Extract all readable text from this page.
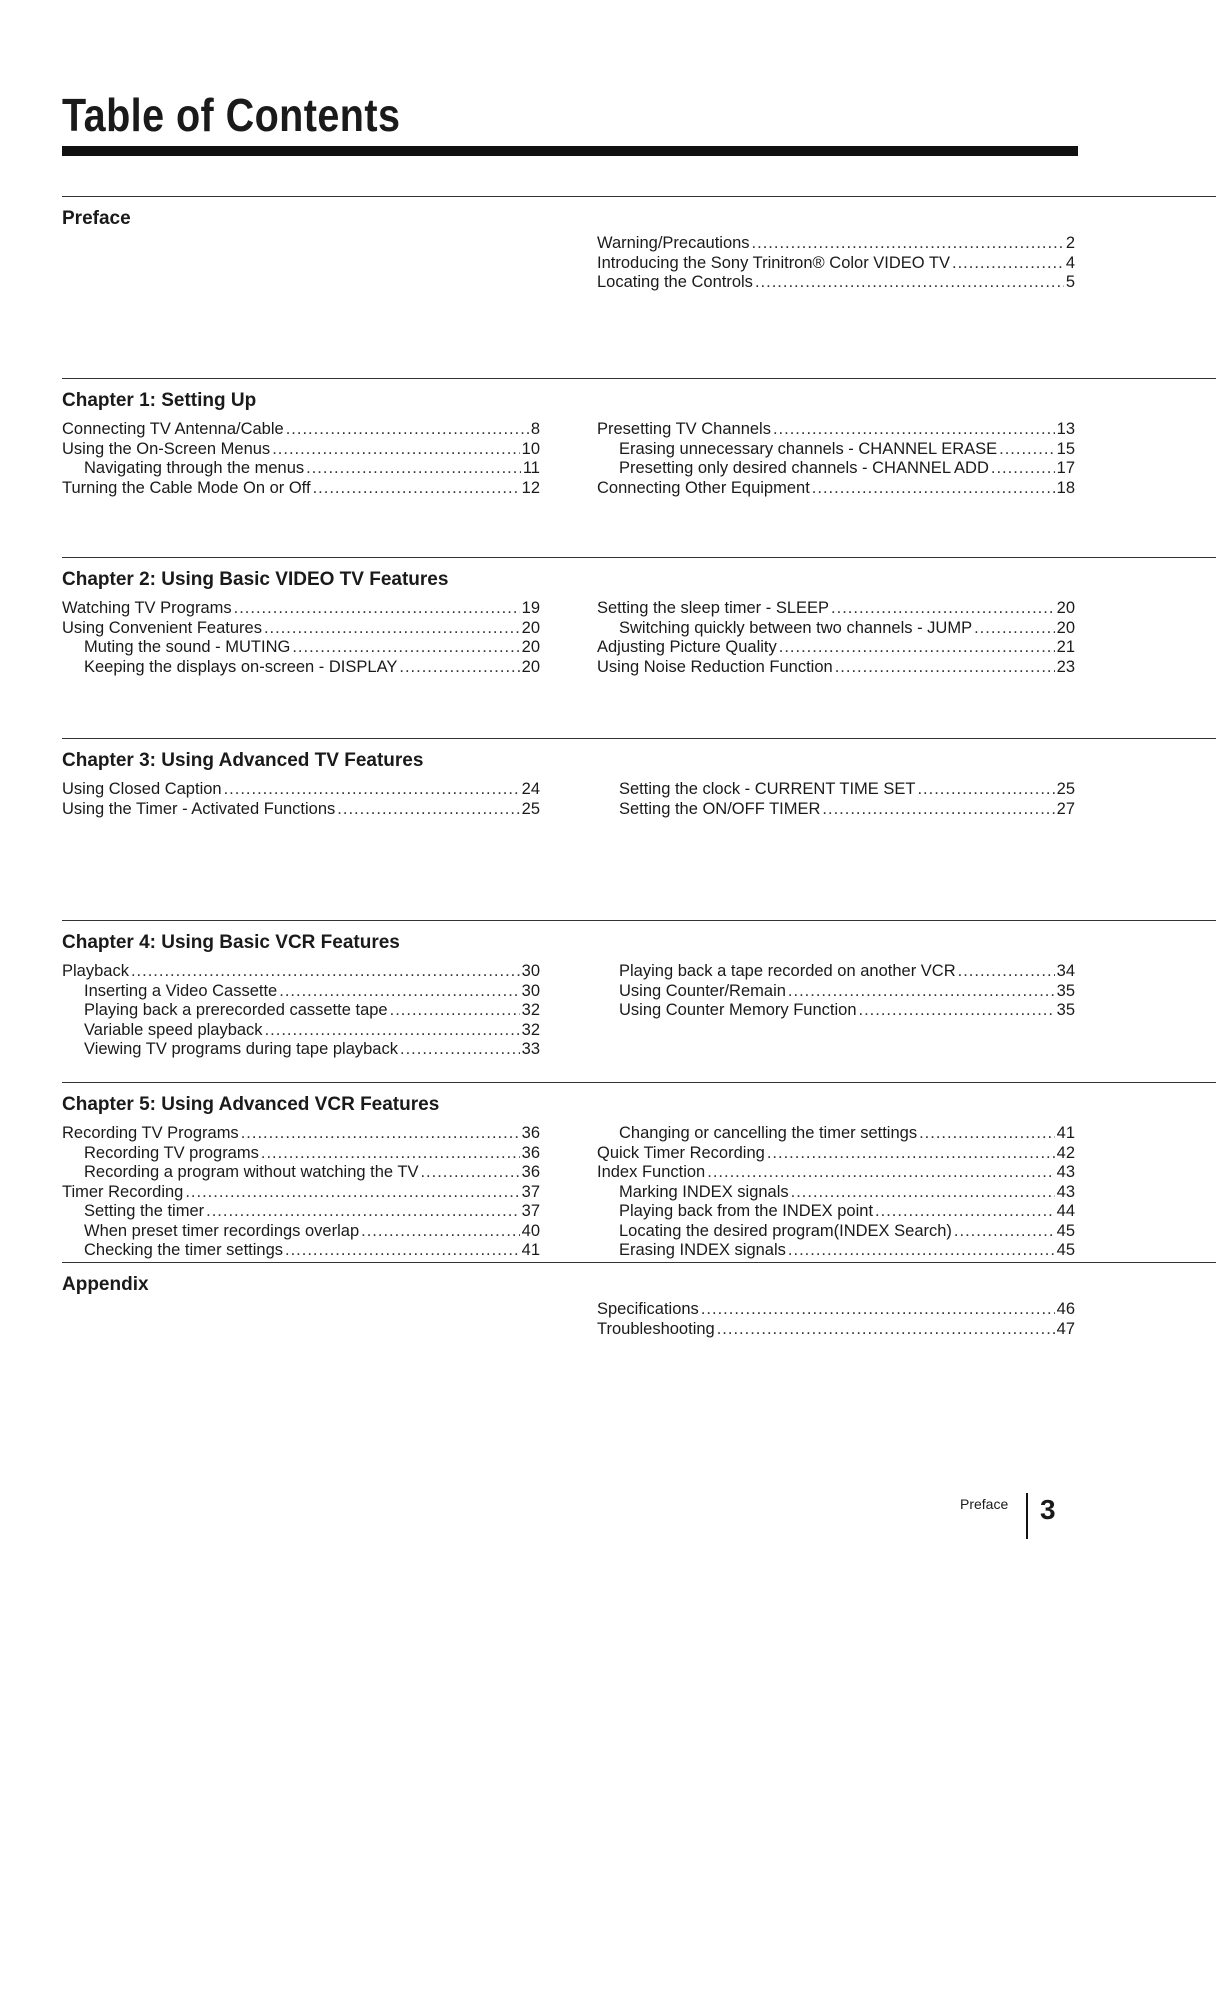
Table of Contents
Preface
Warning/Precautions .....	2
Introducing the Sony Trinitron® Color VIDEO TV .....	4
Locating the Controls .....	5
Chapter 1: Setting Up
Connecting TV Antenna/Cable .....	8
Using the On-Screen Menus .....	10
Navigating through the menus .....	11
Turning the Cable Mode On or Off .....	12
Presetting TV Channels .....	13
Erasing unnecessary channels - CHANNEL ERASE .....	15
Presetting only desired channels - CHANNEL ADD .....	17
Connecting Other Equipment .....	18
Chapter 2: Using Basic VIDEO TV Features
Watching TV Programs .....	19
Using Convenient Features .....	20
Muting the sound - MUTING .....	20
Keeping the displays on-screen - DISPLAY .....	20
Setting the sleep timer - SLEEP .....	20
Switching quickly between two channels - JUMP .....	20
Adjusting Picture Quality .....	21
Using Noise Reduction Function .....	23
Chapter 3: Using Advanced TV Features
Using Closed Caption .....	24
Using the Timer - Activated Functions .....	25
Setting the clock - CURRENT TIME SET .....	25
Setting the ON/OFF TIMER .....	27
Chapter 4: Using Basic VCR Features
Playback .....	30
Inserting a Video Cassette .....	30
Playing back a prerecorded cassette tape .....	32
Variable speed playback .....	32
Viewing TV programs during tape playback .....	33
Playing back a tape recorded on another VCR .....	34
Using Counter/Remain .....	35
Using Counter Memory Function .....	35
Chapter 5: Using Advanced VCR Features
Recording TV Programs .....	36
Recording TV programs .....	36
Recording a program without watching the TV .....	36
Timer Recording .....	37
Setting the timer .....	37
When preset timer recordings overlap .....	40
Checking the timer settings .....	41
Changing or cancelling the timer settings .....	41
Quick Timer Recording .....	42
Index Function .....	43
Marking INDEX signals .....	43
Playing back from the INDEX point .....	44
Locating the desired program(INDEX Search) .....	45
Erasing INDEX signals .....	45
Appendix
Specifications .....	46
Troubleshooting .....	47
Preface 3
